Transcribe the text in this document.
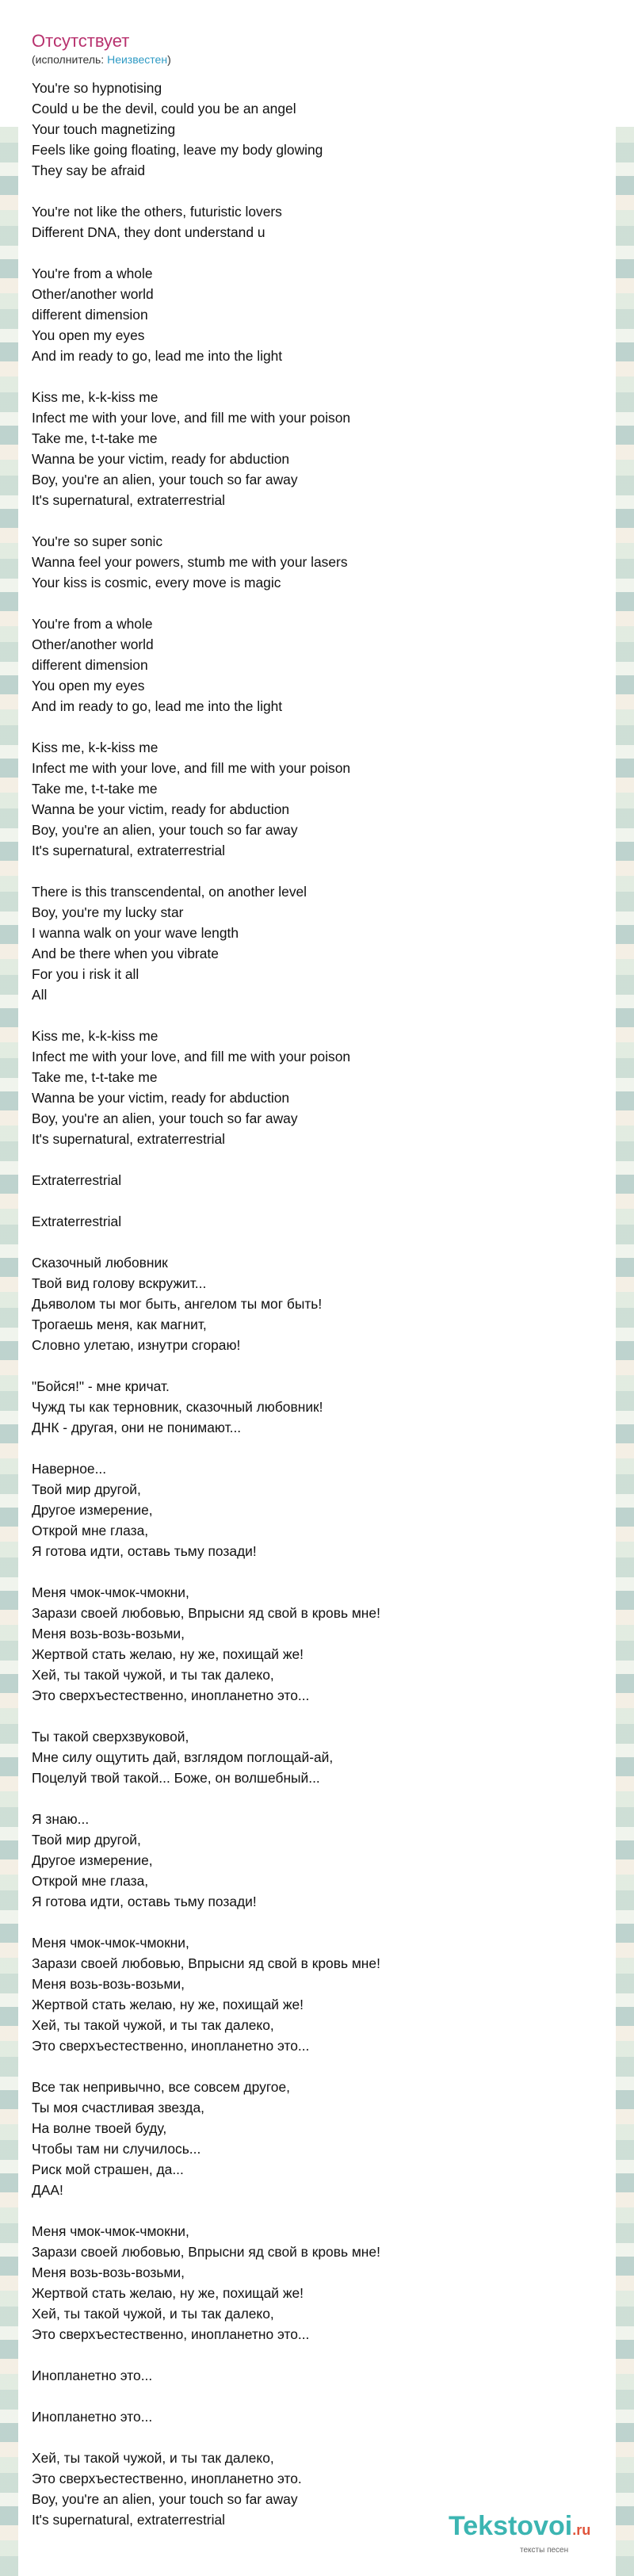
Отсутствует
(исполнитель: Неизвестен)
You're so hypnotising
Could u be the devil, could you be an angel
Your touch magnetizing
Feels like going floating, leave my body glowing
They say be afraid
You're not like the others, futuristic lovers
Different DNA, they dont understand u
You're from a whole
Other/another world
different dimension
You open my eyes
And im ready to go, lead me into the light
Kiss me, k-k-kiss me
Infect me with your love, and fill me with your poison
Take me, t-t-take me
Wanna be your victim, ready for abduction
Boy, you're an alien, your touch so far away
It's supernatural, extraterrestrial
You're so super sonic
Wanna feel your powers, stumb me with your lasers
Your kiss is cosmic, every move is magic
You're from a whole
Other/another world
different dimension
You open my eyes
And im ready to go, lead me into the light
Kiss me, k-k-kiss me
Infect me with your love, and fill me with your poison
Take me, t-t-take me
Wanna be your victim, ready for abduction
Boy, you're an alien, your touch so far away
It's supernatural, extraterrestrial
There is this transcendental, on another level
Boy, you're my lucky star
I wanna walk on your wave length
And be there when you vibrate
For you i risk it all
All
Kiss me, k-k-kiss me
Infect me with your love, and fill me with your poison
Take me, t-t-take me
Wanna be your victim, ready for abduction
Boy, you're an alien, your touch so far away
It's supernatural, extraterrestrial
Extraterrestrial
Extraterrestrial
Сказочный любовник
Твой вид голову вскружит...
Дьяволом ты мог быть, ангелом ты мог быть!
Трогаешь меня, как магнит,
Словно улетаю, изнутри сгораю!
"Бойся!" - мне кричат.
Чужд ты как терновник, сказочный любовник!
ДНК - другая, они не понимают...
Наверное...
Твой мир другой,
Другое измерение,
Открой мне глаза,
Я готова идти, оставь тьму позади!
Меня чмок-чмок-чмокни,
Зарази своей любовью, Впрысни яд свой в кровь мне!
Меня возь-возь-возьми,
Жертвой стать желаю, ну же, похищай же!
Хей, ты такой чужой, и ты так далеко,
Это сверхъестественно, инопланетно это...
Ты такой сверхзвуковой,
Мне силу ощутить дай, взглядом поглощай-ай,
Поцелуй твой такой... Боже, он волшебный...
Я знаю...
Твой мир другой,
Другое измерение,
Открой мне глаза,
Я готова идти, оставь тьму позади!
Меня чмок-чмок-чмокни,
Зарази своей любовью, Впрысни яд свой в кровь мне!
Меня возь-возь-возьми,
Жертвой стать желаю, ну же, похищай же!
Хей, ты такой чужой, и ты так далеко,
Это сверхъестественно, инопланетно это...
Все так непривычно, все совсем другое,
Ты моя счастливая звезда,
На волне твоей буду,
Чтобы там ни случилось...
Риск мой страшен, да...
ДАА!
Меня чмок-чмок-чмокни,
Зарази своей любовью, Впрысни яд свой в кровь мне!
Меня возь-возь-возьми,
Жертвой стать желаю, ну же, похищай же!
Хей, ты такой чужой, и ты так далеко,
Это сверхъестественно, инопланетно это...
Инопланетно это...
Инопланетно это...
Хей, ты такой чужой, и ты так далеко,
Это сверхъестественно, инопланетно это.
Boy, you're an alien, your touch so far away
It's supernatural, extraterrestrial	Tekstovoi.ru
тексты песен
